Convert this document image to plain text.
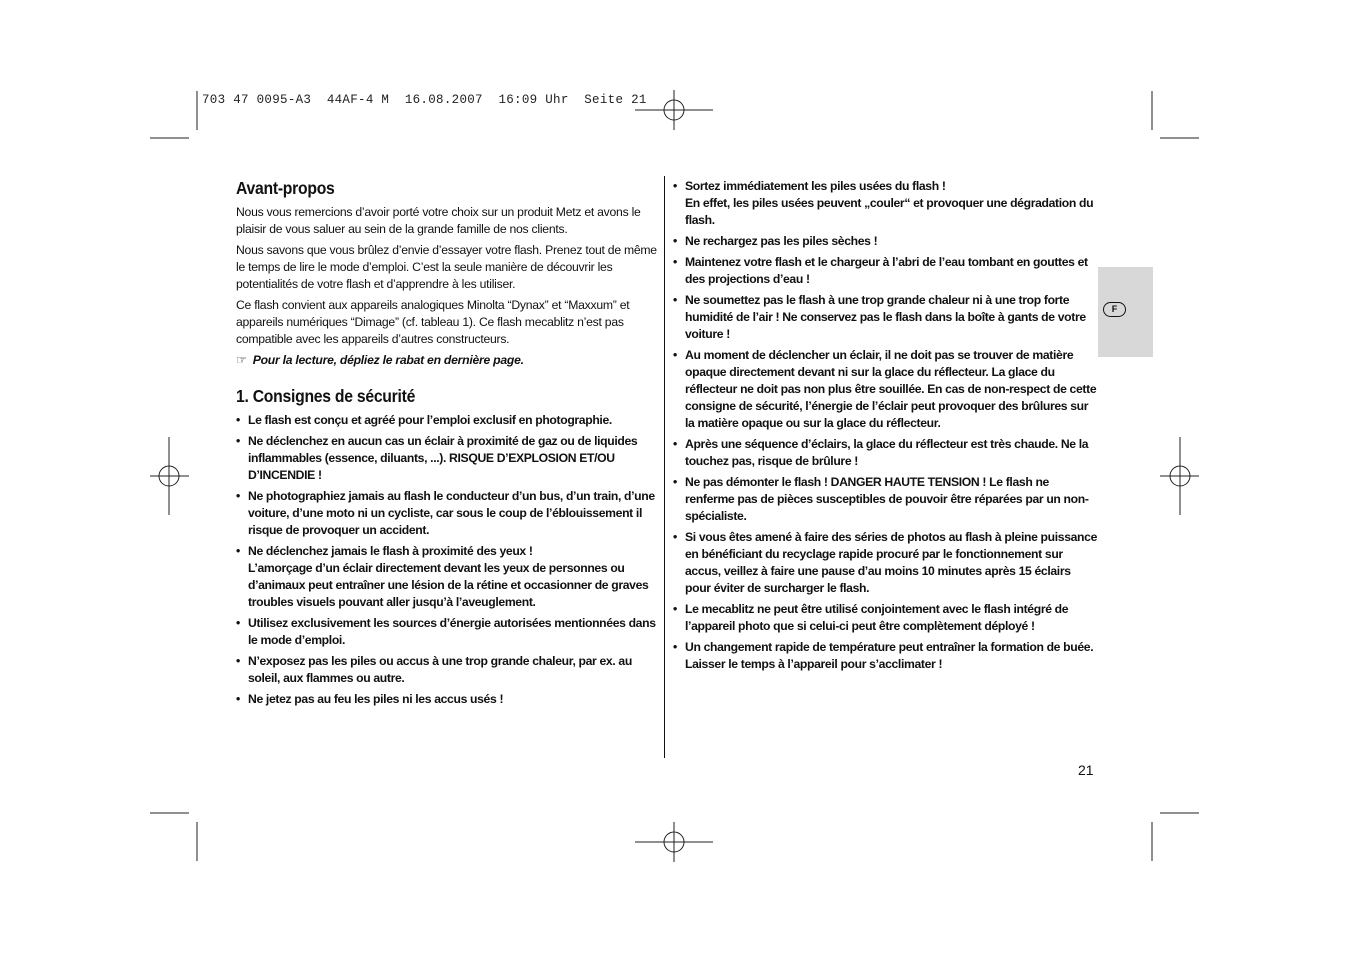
703 47 0095-A3  44AF-4 M  16.08.2007  16:09 Uhr  Seite 21
Avant-propos

Nous vous remercions d’avoir porté votre choix sur un produit Metz et avons le plaisir de vous saluer au sein de la grande famille de nos clients.

Nous savons que vous brûlez d’envie d’essayer votre flash. Prenez tout de même le temps de lire le mode d’emploi. C’est la seule manière de découvrir les potentialités de votre flash et d’apprendre à les utiliser.

Ce flash convient aux appareils analogiques Minolta “Dynax” et “Maxxum” et appareils numériques “Dimage” (cf. tableau 1). Ce flash mecablitz n’est pas compatible avec les appareils d’autres constructeurs.

☞ Pour la lecture, dépliez le rabat en dernière page.

1. Consignes de sécurité
• Le flash est conçu et agréé pour l’emploi exclusif en photographie.
• Ne déclenchez en aucun cas un éclair à proximité de gaz ou de liquides inflammables (essence, diluants, ...). RISQUE D’EXPLOSION ET/OU D’INCENDIE !
• Ne photographiez jamais au flash le conducteur d’un bus, d’un train, d’une voiture, d’une moto ni un cycliste, car sous le coup de l’éblouissement il risque de provoquer un accident.
• Ne déclenchez jamais le flash à proximité des yeux !
L’amorçage d’un éclair directement devant les yeux de personnes ou d’animaux peut entraîner une lésion de la rétine et occasionner de graves troubles visuels pouvant aller jusqu’à l’aveuglement.
• Utilisez exclusivement les sources d’énergie autorisées mentionnées dans le mode d’emploi.
• N’exposez pas les piles ou accus à une trop grande chaleur, par ex. au soleil, aux flammes ou autre.
• Ne jetez pas au feu les piles ni les accus usés !
• Sortez immédiatement les piles usées du flash !
En effet, les piles usées peuvent „couler“ et provoquer une dégradation du flash.
• Ne rechargez pas les piles sèches !
• Maintenez votre flash et le chargeur à l’abri de l’eau tombant en gouttes et des projections d’eau !
• Ne soumettez pas le flash à une trop grande chaleur ni à une trop forte humidité de l’air ! Ne conservez pas le flash dans la boîte à gants de votre voiture !
• Au moment de déclencher un éclair, il ne doit pas se trouver de matière opaque directement devant ni sur la glace du réflecteur. La glace du réflecteur ne doit pas non plus être souillée. En cas de non-respect de cette consigne de sécurité, l’énergie de l’éclair peut provoquer des brûlures sur la matière opaque ou sur la glace du réflecteur.
• Après une séquence d’éclairs, la glace du réflecteur est très chaude. Ne la touchez pas, risque de brûlure !
• Ne pas démonter le flash ! DANGER HAUTE TENSION ! Le flash ne renferme pas de pièces susceptibles de pouvoir être réparées par un non-spécialiste.
• Si vous êtes amené à faire des séries de photos au flash à pleine puissance en bénéficiant du recyclage rapide procuré par le fonctionnement sur accus, veillez à faire une pause d’au moins 10 minutes après 15 éclairs pour éviter de surcharger le flash.
• Le mecablitz ne peut être utilisé conjointement avec le flash intégré de l’appareil photo que si celui-ci peut être complètement déployé !
• Un changement rapide de température peut entraîner la formation de buée. Laisser le temps à l’appareil pour s’acclimater !
F
21
